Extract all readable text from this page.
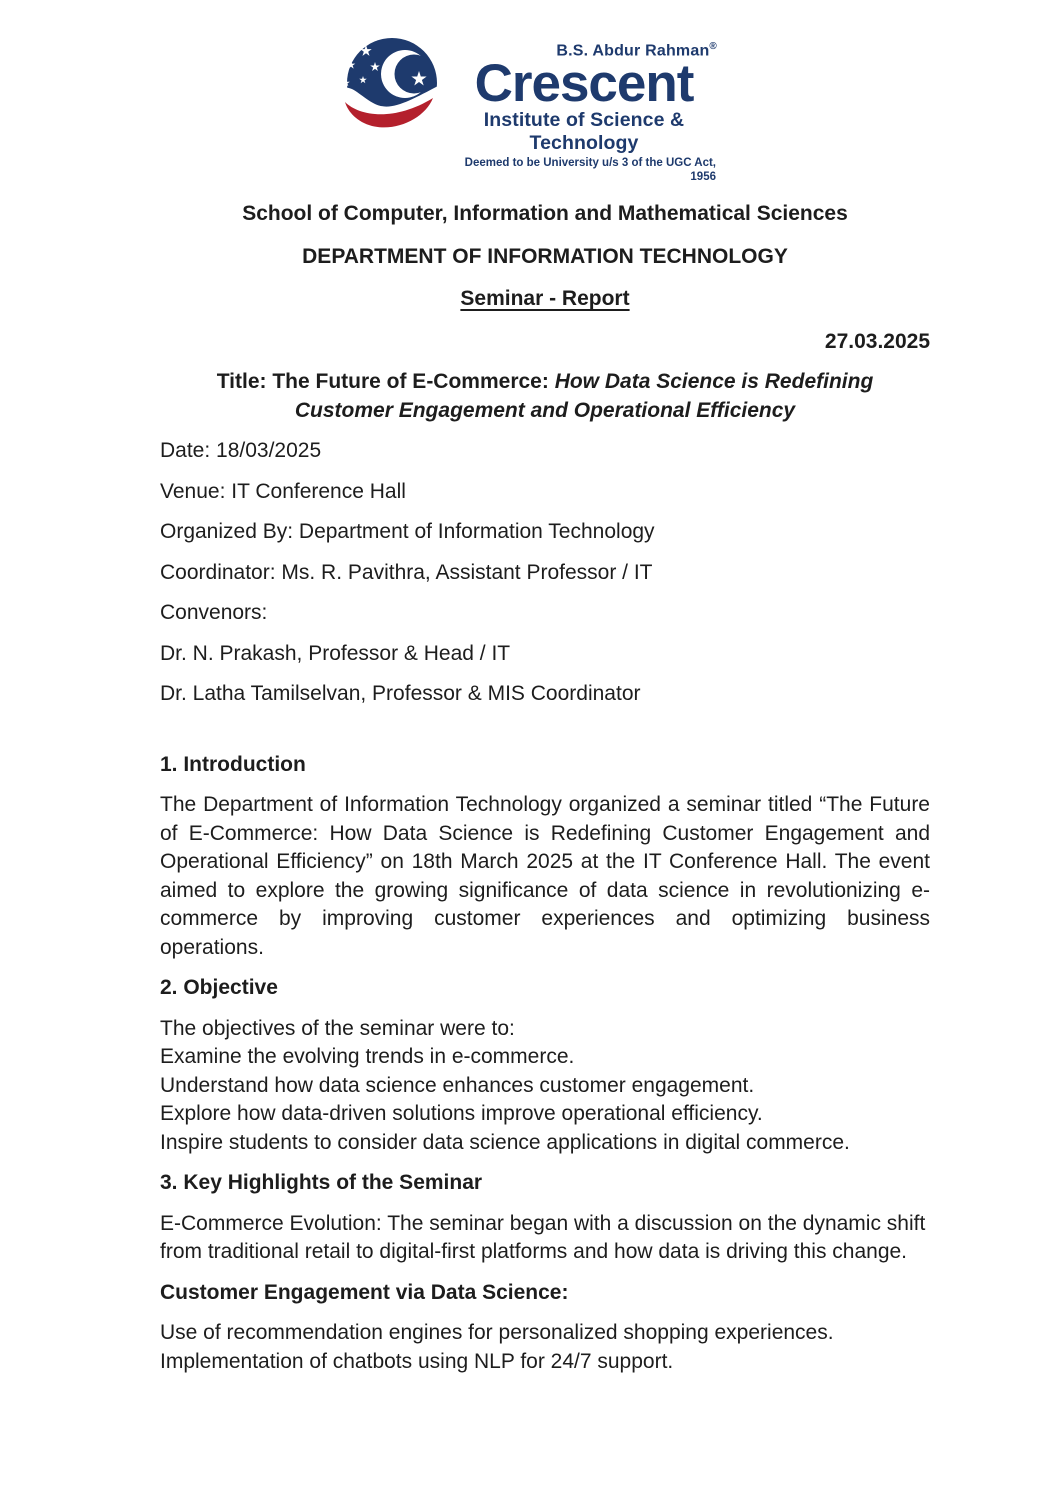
B.S. Abdur Rahman®
Crescent
Institute of Science & Technology
Deemed to be University u/s 3 of the UGC Act, 1956
School of Computer, Information and Mathematical Sciences
DEPARTMENT OF INFORMATION TECHNOLOGY
Seminar - Report

27.03.2025

Title: The Future of E-Commerce: How Data Science is Redefining Customer Engagement and Operational Efficiency

Date: 18/03/2025

Venue: IT Conference Hall

Organized By: Department of Information Technology

Coordinator: Ms. R. Pavithra, Assistant Professor / IT

Convenors:

Dr. N. Prakash, Professor & Head / IT

Dr. Latha Tamilselvan, Professor & MIS Coordinator

1. Introduction

The Department of Information Technology organized a seminar titled “The Future of E-Commerce: How Data Science is Redefining Customer Engagement and Operational Efficiency” on 18th March 2025 at the IT Conference Hall. The event aimed to explore the growing significance of data science in revolutionizing e-commerce by improving customer experiences and optimizing business operations.

2. Objective
The objectives of the seminar were to:
Examine the evolving trends in e-commerce.
Understand how data science enhances customer engagement.
Explore how data-driven solutions improve operational efficiency.
Inspire students to consider data science applications in digital commerce.
3. Key Highlights of the Seminar

E-Commerce Evolution: The seminar began with a discussion on the dynamic shift from traditional retail to digital-first platforms and how data is driving this change.

Customer Engagement via Data Science:
Use of recommendation engines for personalized shopping experiences.
Implementation of chatbots using NLP for 24/7 support.
